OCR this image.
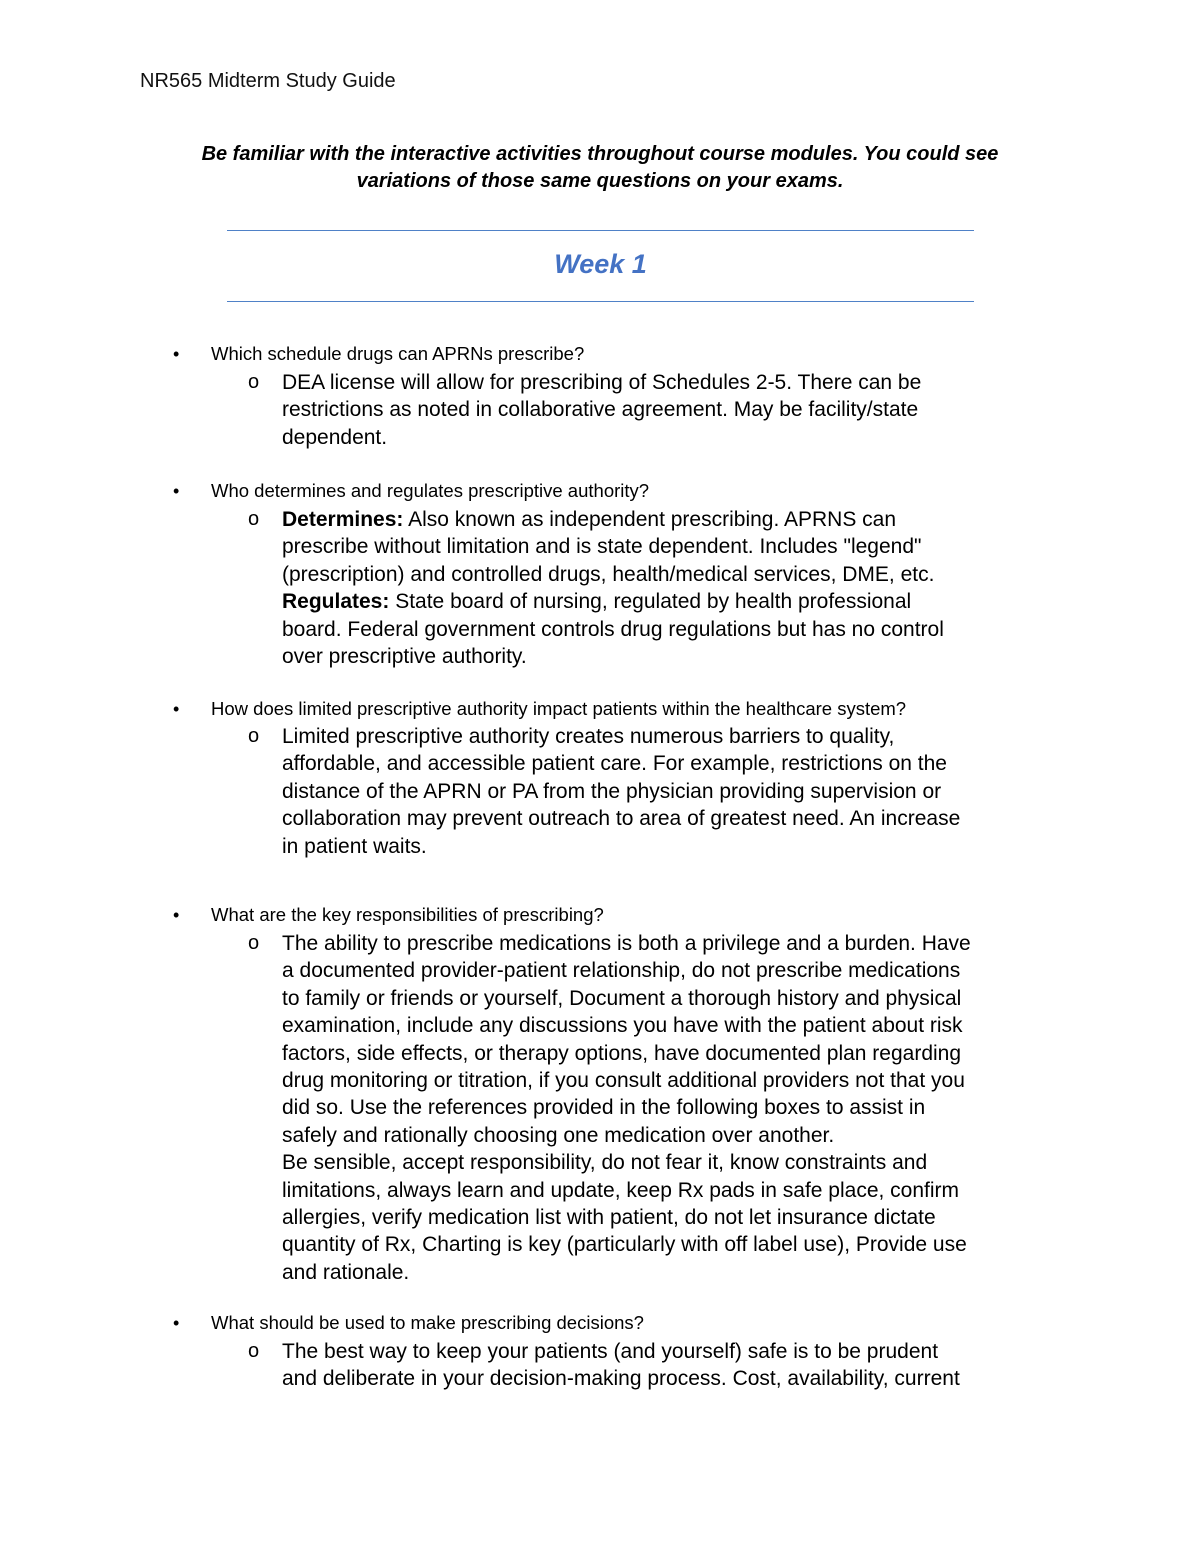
NR565 Midterm Study Guide
Be familiar with the interactive activities throughout course modules. You could see
variations of those same questions on your exams.
Week 1
• Which schedule drugs can APRNs prescribe?
o DEA license will allow for prescribing of Schedules 2-5. There can be

restrictions as noted in collaborative agreement. May be facility/state

dependent.

• Who determines and regulates prescriptive authority?
o Determines: Also known as independent prescribing. APRNS can

prescribe without limitation and is state dependent. Includes "legend"

(prescription) and controlled drugs, health/medical services, DME, etc.

Regulates: State board of nursing, regulated by health professional

board. Federal government controls drug regulations but has no control

over prescriptive authority.

• How does limited prescriptive authority impact patients within the healthcare system?
o Limited prescriptive authority creates numerous barriers to quality,

affordable, and accessible patient care. For example, restrictions on the

distance of the APRN or PA from the physician providing supervision or

collaboration may prevent outreach to area of greatest need. An increase

in patient waits.

• What are the key responsibilities of prescribing?
o The ability to prescribe medications is both a privilege and a burden. Have

a documented provider-patient relationship, do not prescribe medications

to family or friends or yourself, Document a thorough history and physical

examination, include any discussions you have with the patient about risk

factors, side effects, or therapy options, have documented plan regarding

drug monitoring or titration, if you consult additional providers not that you

did so. Use the references provided in the following boxes to assist in

safely and rationally choosing one medication over another.

Be sensible, accept responsibility, do not fear it, know constraints and

limitations, always learn and update, keep Rx pads in safe place, confirm

allergies, verify medication list with patient, do not let insurance dictate

quantity of Rx, Charting is key (particularly with off label use), Provide use

and rationale.

• What should be used to make prescribing decisions?
o The best way to keep your patients (and yourself) safe is to be prudent

and deliberate in your decision-making process. Cost, availability, current
